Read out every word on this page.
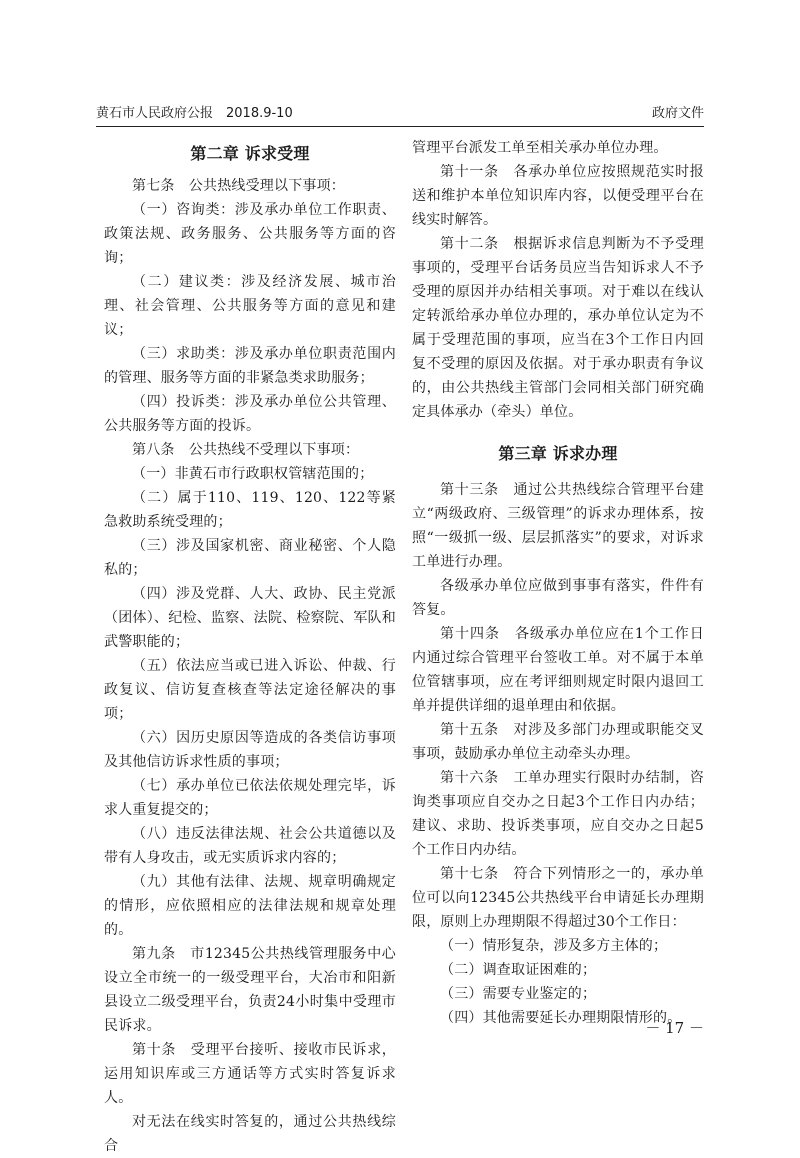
黄石市人民政府公报　2018.9-10	政府文件
第二章 诉求受理

第七条　公共热线受理以下事项：

（一）咨询类：涉及承办单位工作职责、政策法规、政务服务、公共服务等方面的咨询；

（二）建议类：涉及经济发展、城市治理、社会管理、公共服务等方面的意见和建议；

（三）求助类：涉及承办单位职责范围内的管理、服务等方面的非紧急类求助服务；

（四）投诉类：涉及承办单位公共管理、公共服务等方面的投诉。

第八条　公共热线不受理以下事项：

（一）非黄石市行政职权管辖范围的；

（二）属于110、119、120、122等紧急救助系统受理的；

（三）涉及国家机密、商业秘密、个人隐私的；

（四）涉及党群、人大、政协、民主党派（团体）、纪检、监察、法院、检察院、军队和武警职能的；

（五）依法应当或已进入诉讼、仲裁、行政复议、信访复查核查等法定途径解决的事项；

（六）因历史原因等造成的各类信访事项及其他信访诉求性质的事项；

（七）承办单位已依法依规处理完毕，诉求人重复提交的；

（八）违反法律法规、社会公共道德以及带有人身攻击，或无实质诉求内容的；

（九）其他有法律、法规、规章明确规定的情形，应依照相应的法律法规和规章处理的。

第九条　市12345公共热线管理服务中心设立全市统一的一级受理平台，大冶市和阳新县设立二级受理平台，负责24小时集中受理市民诉求。

第十条　受理平台接听、接收市民诉求，运用知识库或三方通话等方式实时答复诉求人。

对无法在线实时答复的，通过公共热线综合

管理平台派发工单至相关承办单位办理。

第十一条　各承办单位应按照规范实时报送和维护本单位知识库内容，以便受理平台在线实时解答。

第十二条　根据诉求信息判断为不予受理事项的，受理平台话务员应当告知诉求人不予受理的原因并办结相关事项。对于难以在线认定转派给承办单位办理的，承办单位认定为不属于受理范围的事项，应当在3个工作日内回复不受理的原因及依据。对于承办职责有争议的，由公共热线主管部门会同相关部门研究确定具体承办（牵头）单位。

第三章 诉求办理

第十三条　通过公共热线综合管理平台建立“两级政府、三级管理”的诉求办理体系，按照“一级抓一级、层层抓落实”的要求，对诉求工单进行办理。

各级承办单位应做到事事有落实，件件有答复。

第十四条　各级承办单位应在1个工作日内通过综合管理平台签收工单。对不属于本单位管辖事项，应在考评细则规定时限内退回工单并提供详细的退单理由和依据。

第十五条　对涉及多部门办理或职能交叉事项，鼓励承办单位主动牵头办理。

第十六条　工单办理实行限时办结制，咨询类事项应自交办之日起3个工作日内办结；建议、求助、投诉类事项，应自交办之日起5个工作日内办结。

第十七条　符合下列情形之一的，承办单位可以向12345公共热线平台申请延长办理期限，原则上办理期限不得超过30个工作日：

（一）情形复杂，涉及多方主体的；

（二）调查取证困难的；

（三）需要专业鉴定的；

（四）其他需要延长办理期限情形的。

－ 17 －
